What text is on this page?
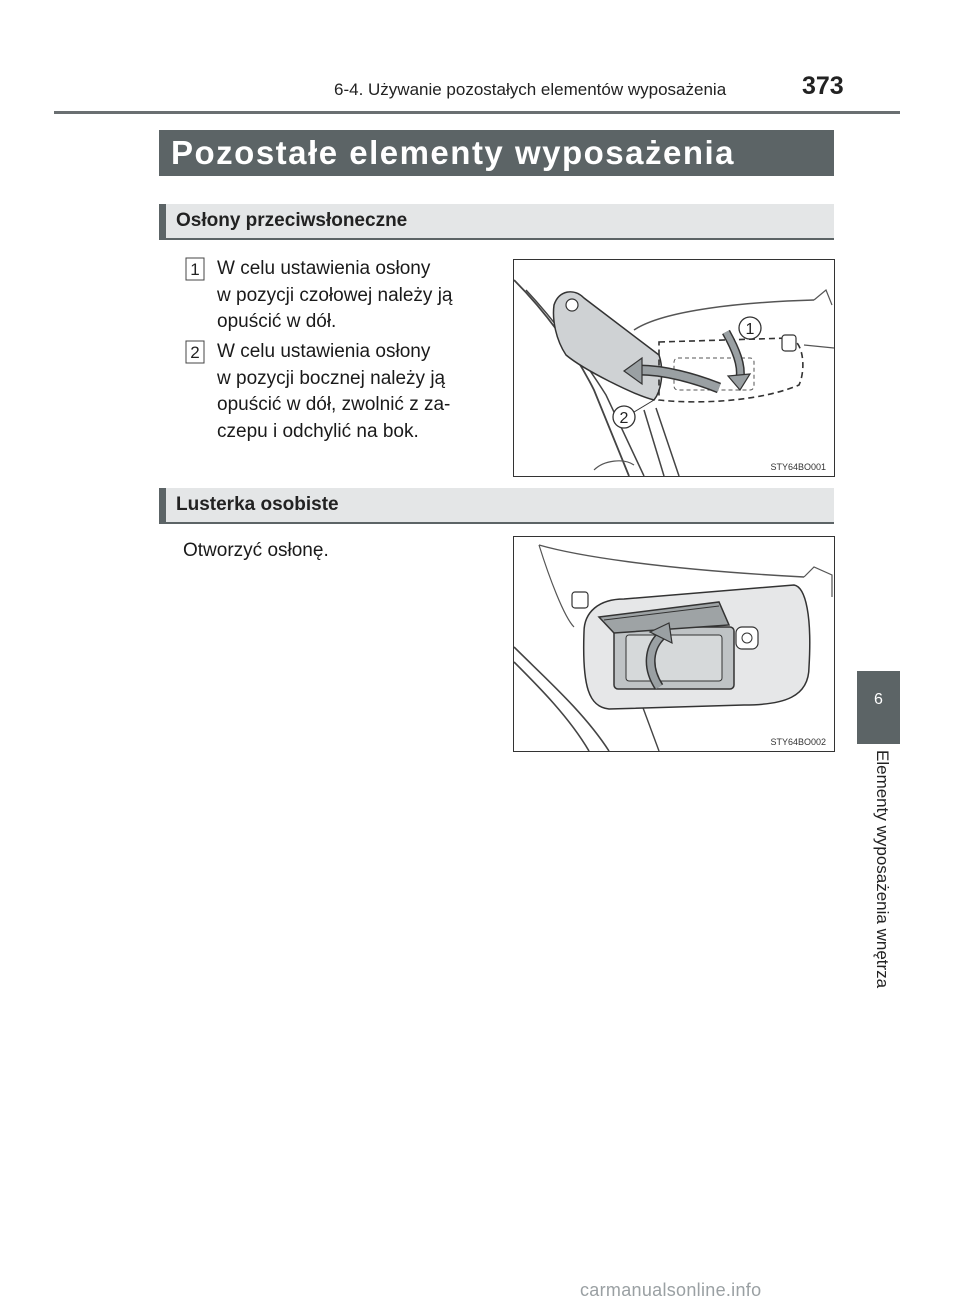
6-4. Używanie pozostałych elementów wyposażenia	373
Pozostałe elementy wyposażenia
Osłony przeciwsłoneczne
1 W celu ustawienia osłony
w pozycji czołowej należy ją
opuścić w dół.
2 W celu ustawienia osłony
w pozycji bocznej należy ją
opuścić w dół, zwolnić z za-
czepu i odchylić na bok.
1
2
STY64BO001
Lusterka osobiste
Otworzyć osłonę.
STY64BO002
6
Elementy wyposażenia wnętrza
carmanualsonline.info
